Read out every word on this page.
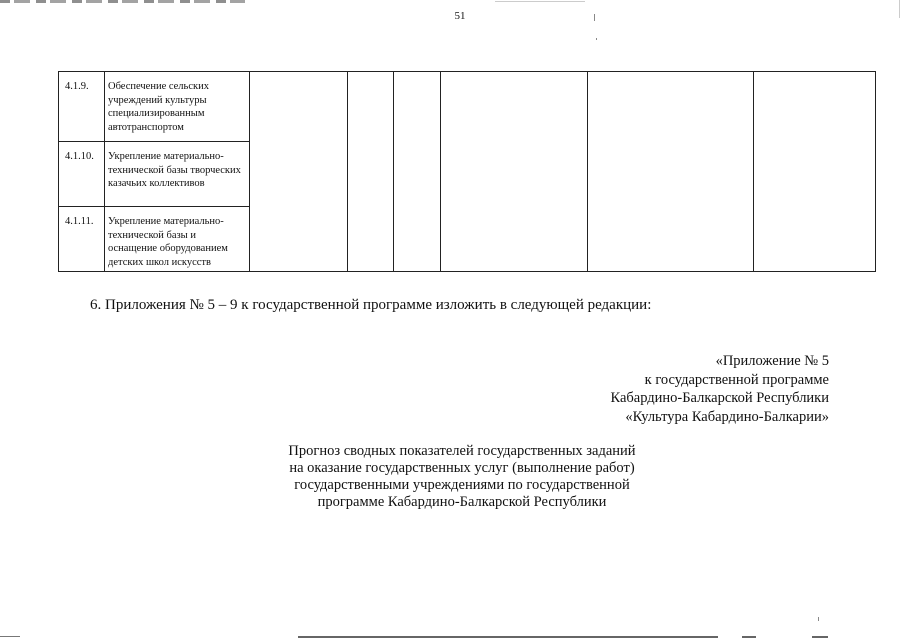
51
4.1.9.	Обеспечение сельских учреждений культуры специализированным автотранспортом						
4.1.10.	Укрепление материально-технической базы творческих казачьих коллективов						
4.1.11.	Укрепление материально-технической базы и оснащение оборудованием детских школ искусств						
6. Приложения № 5 – 9 к государственной программе изложить в следующей редакции:
«Приложение № 5
к государственной программе
Кабардино-Балкарской Республики
«Культура Кабардино-Балкарии»
Прогноз сводных показателей государственных заданий
на оказание государственных услуг (выполнение работ)
государственными учреждениями по государственной
программе Кабардино-Балкарской Республики
